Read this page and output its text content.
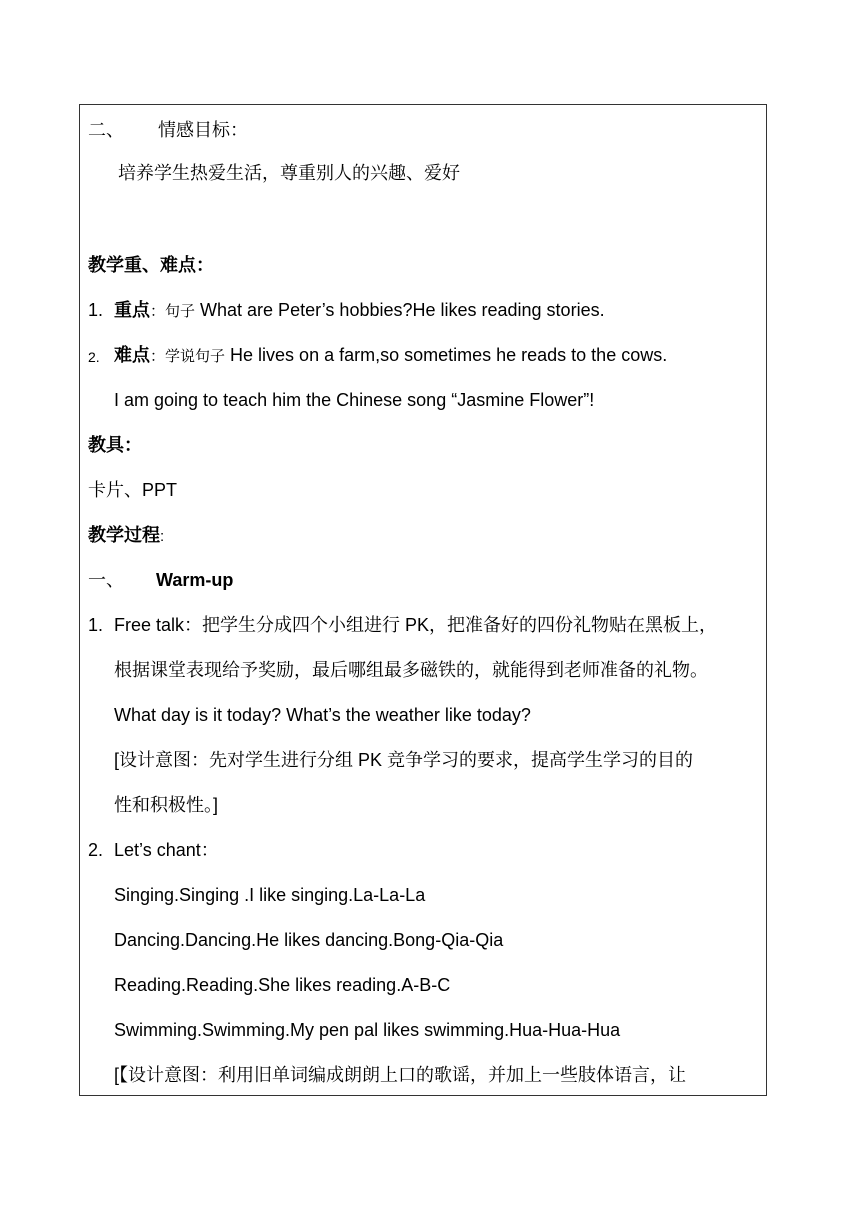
二、 情感目标：
培养学生热爱生活，尊重别人的兴趣、爱好
教学重、难点：
1. 重点：句子 What are Peter’s hobbies?He likes reading stories.
2. 难点：学说句子 He lives on a farm,so sometimes he reads to the cows.
I am going to teach him the Chinese song “Jasmine Flower”!
教具：
卡片、PPT
教学过程:
一、 Warm-up
1. Free talk：把学生分成四个小组进行 PK，把准备好的四份礼物贴在黑板上，
根据课堂表现给予奖励，最后哪组最多磁铁的，就能得到老师准备的礼物。
What day is it today? What’s the weather like today?
[设计意图：先对学生进行分组 PK 竞争学习的要求，提高学生学习的目的
性和积极性。]
2. Let’s chant：
Singing.Singing .I like singing.La-La-La
Dancing.Dancing.He likes dancing.Bong-Qia-Qia
Reading.Reading.She likes reading.A-B-C
Swimming.Swimming.My pen pal likes swimming.Hua-Hua-Hua
[【设计意图：利用旧单词编成朗朗上口的歌谣，并加上一些肢体语言，让
